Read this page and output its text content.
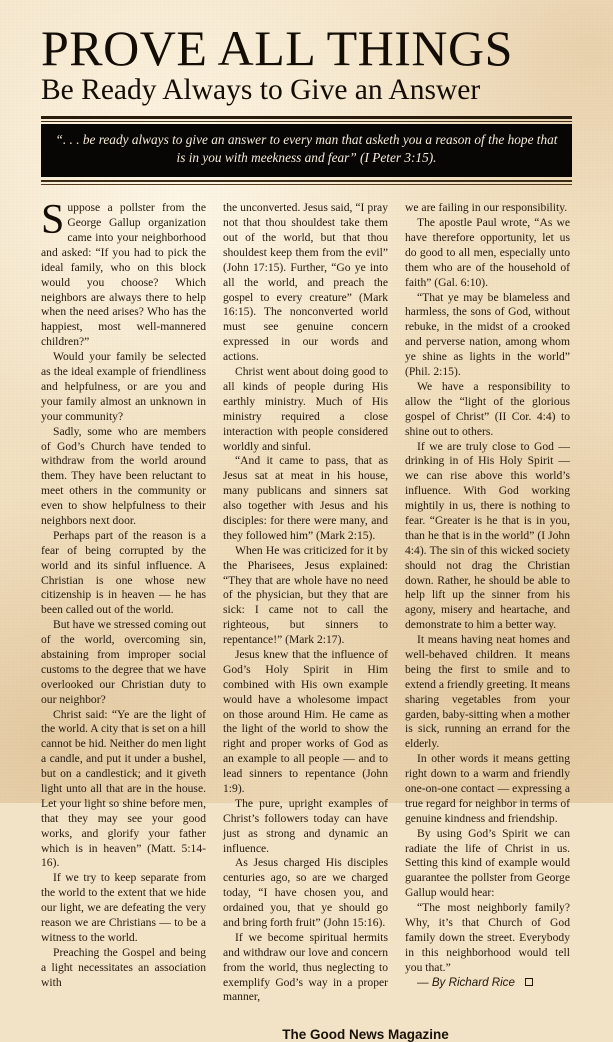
PROVE ALL THINGS
Be Ready Always to Give an Answer
“. . . be ready always to give an answer to every man that asketh you a reason of the hope that is in you with meekness and fear” (I Peter 3:15).

Suppose a pollster from the George Gallup organization came into your neighborhood and asked: “If you had to pick the ideal family, who on this block would you choose? Which neighbors are always there to help when the need arises? Who has the happiest, most well-mannered children?”

Would your family be selected as the ideal example of friendliness and helpfulness, or are you and your family almost an unknown in your community?

Sadly, some who are members of God’s Church have tended to withdraw from the world around them. They have been reluctant to meet others in the community or even to show helpfulness to their neighbors next door.

Perhaps part of the reason is a fear of being corrupted by the world and its sinful influence. A Christian is one whose new citizenship is in heaven — he has been called out of the world.

But have we stressed coming out of the world, overcoming sin, abstaining from improper social customs to the degree that we have overlooked our Christian duty to our neighbor?

Christ said: “Ye are the light of the world. A city that is set on a hill cannot be hid. Neither do men light a candle, and put it under a bushel, but on a candlestick; and it giveth light unto all that are in the house. Let your light so shine before men, that they may see your good works, and glorify your father which is in heaven” (Matt. 5:14-16).

If we try to keep separate from the world to the extent that we hide our light, we are defeating the very reason we are Christians — to be a witness to the world.

Preaching the Gospel and being a light necessitates an association with

the unconverted. Jesus said, “I pray not that thou shouldest take them out of the world, but that thou shouldest keep them from the evil” (John 17:15). Further, “Go ye into all the world, and preach the gospel to every creature” (Mark 16:15). The nonconverted world must see genuine concern expressed in our words and actions.

Christ went about doing good to all kinds of people during His earthly ministry. Much of His ministry required a close interaction with people considered worldly and sinful.

“And it came to pass, that as Jesus sat at meat in his house, many publicans and sinners sat also together with Jesus and his disciples: for there were many, and they followed him” (Mark 2:15).

When He was criticized for it by the Pharisees, Jesus explained: “They that are whole have no need of the physician, but they that are sick: I came not to call the righteous, but sinners to repentance!” (Mark 2:17).

Jesus knew that the influence of God’s Holy Spirit in Him combined with His own example would have a wholesome impact on those around Him. He came as the light of the world to show the right and proper works of God as an example to all people — and to lead sinners to repentance (John 1:9).

The pure, upright examples of Christ’s followers today can have just as strong and dynamic an influence.

As Jesus charged His disciples centuries ago, so are we charged today, “I have chosen you, and ordained you, that ye should go and bring forth fruit” (John 15:16).

If we become spiritual hermits and withdraw our love and concern from the world, thus neglecting to exemplify God’s way in a proper manner,

we are failing in our responsibility.

The apostle Paul wrote, “As we have therefore opportunity, let us do good to all men, especially unto them who are of the household of faith” (Gal. 6:10).

“That ye may be blameless and harmless, the sons of God, without rebuke, in the midst of a crooked and perverse nation, among whom ye shine as lights in the world” (Phil. 2:15).

We have a responsibility to allow the “light of the glorious gospel of Christ” (II Cor. 4:4) to shine out to others.

If we are truly close to God — drinking in of His Holy Spirit — we can rise above this world’s influence. With God working mightily in us, there is nothing to fear. “Greater is he that is in you, than he that is in the world” (I John 4:4). The sin of this wicked society should not drag the Christian down. Rather, he should be able to help lift up the sinner from his agony, misery and heartache, and demonstrate to him a better way.

It means having neat homes and well-behaved children. It means being the first to smile and to extend a friendly greeting. It means sharing vegetables from your garden, baby-sitting when a mother is sick, running an errand for the elderly.

In other words it means getting right down to a warm and friendly one-on-one contact — expressing a true regard for neighbor in terms of genuine kindness and friendship.

By using God’s Spirit we can radiate the life of Christ in us. Setting this kind of example would guarantee the pollster from George Gallup would hear:

“The most neighborly family? Why, it’s that Church of God family down the street. Everybody in this neighborhood would tell you that.”

— By Richard Rice

The Good News Magazine
